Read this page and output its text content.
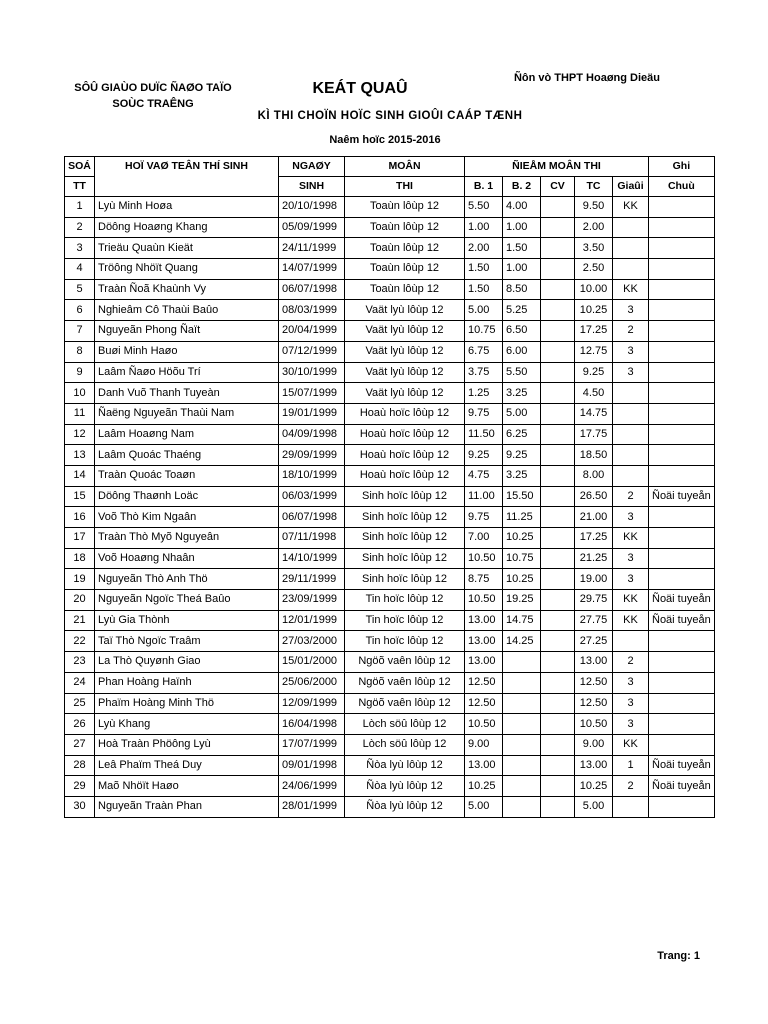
SÔÛ GIAÙO DUÏC ÑAØO TAÏO
SOÙC TRAÊNG
KEÁT QUAÛ
Ñôn vò THPT Hoaøng Dieäu
KÌ THI CHOÏN HOÏC SINH GIOÛI CAÁP TÆNH
Naêm hoïc 2015-2016
SOÁ	HOÏ VAØ TEÂN THÍ SINH	NGAØY	MOÂN	ÑIEÅM MOÂN THI					Ghi
TT		SINH	THI	B. 1	B. 2	CV	TC	Giaûi	Chuù
1	Lyù Minh Hoøa	20/10/1998	Toaùn lôùp 12	5.50	4.00		9.50	KK	
2	Döông Hoaøng Khang	05/09/1999	Toaùn lôùp 12	1.00	1.00		2.00		
3	Trieäu Quaùn Kieät	24/11/1999	Toaùn lôùp 12	2.00	1.50		3.50		
4	Tröông Nhöït Quang	14/07/1999	Toaùn lôùp 12	1.50	1.00		2.50		
5	Traàn Ñoã Khaùnh Vy	06/07/1998	Toaùn lôùp 12	1.50	8.50		10.00	KK	
6	Nghieâm Cô Thaùi Baûo	08/03/1999	Vaät lyù lôùp 12	5.00	5.25		10.25	3	
7	Nguyeãn Phong Ñaït	20/04/1999	Vaät lyù lôùp 12	10.75	6.50		17.25	2	
8	Buøi Minh Haøo	07/12/1999	Vaät lyù lôùp 12	6.75	6.00		12.75	3	
9	Laâm Ñaøo Höõu Trí	30/10/1999	Vaät lyù lôùp 12	3.75	5.50		9.25	3	
10	Danh Vuõ Thanh Tuyeàn	15/07/1999	Vaät lyù lôùp 12	1.25	3.25		4.50		
11	Ñaëng Nguyeãn Thaùi Nam	19/01/1999	Hoaù hoïc lôùp 12	9.75	5.00		14.75		
12	Laâm Hoaøng Nam	04/09/1998	Hoaù hoïc lôùp 12	11.50	6.25		17.75		
13	Laâm Quoác Thaéng	29/09/1999	Hoaù hoïc lôùp 12	9.25	9.25		18.50		
14	Traàn Quoác Toaøn	18/10/1999	Hoaù hoïc lôùp 12	4.75	3.25		8.00		
15	Döông Thaønh Loäc	06/03/1999	Sinh hoïc lôùp 12	11.00	15.50		26.50	2	Ñoäi tuyeån
16	Voõ Thò Kim Ngaân	06/07/1998	Sinh hoïc lôùp 12	9.75	11.25		21.00	3	
17	Traàn Thò Myõ Nguyeân	07/11/1998	Sinh hoïc lôùp 12	7.00	10.25		17.25	KK	
18	Voõ Hoaøng Nhaân	14/10/1999	Sinh hoïc lôùp 12	10.50	10.75		21.25	3	
19	Nguyeãn Thò Anh Thö	29/11/1999	Sinh hoïc lôùp 12	8.75	10.25		19.00	3	
20	Nguyeãn Ngoïc Theá Baûo	23/09/1999	Tin hoïc lôùp 12	10.50	19.25		29.75	KK	Ñoäi tuyeån
21	Lyù Gia Thònh	12/01/1999	Tin hoïc lôùp 12	13.00	14.75		27.75	KK	Ñoäi tuyeån
22	Taï Thò Ngoïc Traâm	27/03/2000	Tin hoïc lôùp 12	13.00	14.25		27.25		
23	La Thò Quyønh Giao	15/01/2000	Ngöõ vaên lôùp 12	13.00			13.00	2	
24	Phan Hoàng Haïnh	25/06/2000	Ngöõ vaên lôùp 12	12.50			12.50	3	
25	Phaïm Hoàng Minh Thö	12/09/1999	Ngöõ vaên lôùp 12	12.50			12.50	3	
26	Lyù Khang	16/04/1998	Lòch söû lôùp 12	10.50			10.50	3	
27	Hoà Traàn Phöông Lyù	17/07/1999	Lòch söû lôùp 12	9.00			9.00	KK	
28	Leâ Phaïm Theá Duy	09/01/1998	Ñòa lyù lôùp 12	13.00			13.00	1	Ñoäi tuyeån
29	Maõ Nhöït Haøo	24/06/1999	Ñòa lyù lôùp 12	10.25			10.25	2	Ñoäi tuyeån
30	Nguyeãn Traàn Phan	28/01/1999	Ñòa lyù lôùp 12	5.00			5.00		
Trang: 1
